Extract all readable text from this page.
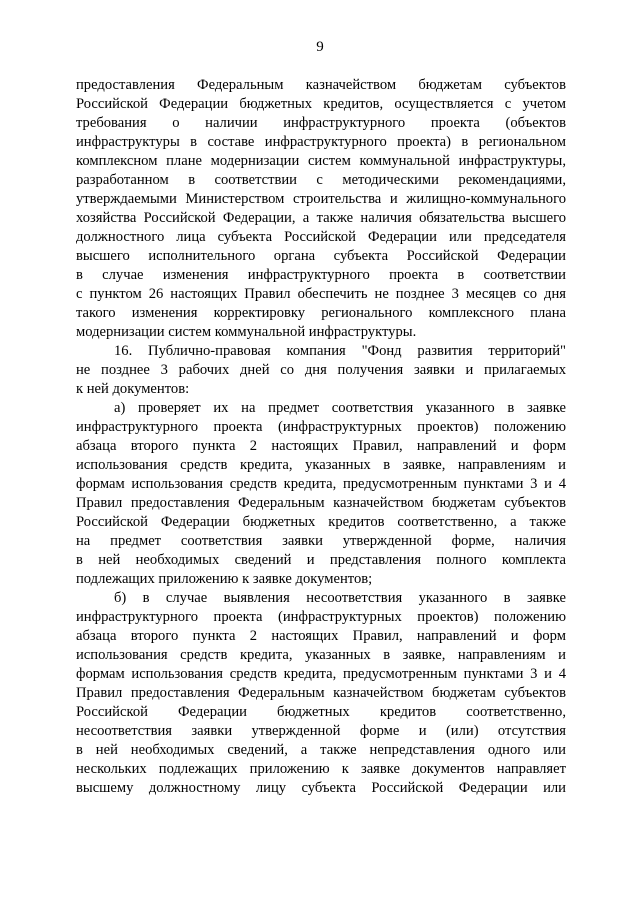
9
предоставления Федеральным казначейством бюджетам субъектов
Российской Федерации бюджетных кредитов, осуществляется с учетом
требования о наличии инфраструктурного проекта (объектов
инфраструктуры в составе инфраструктурного проекта) в региональном
комплексном плане модернизации систем коммунальной инфраструктуры,
разработанном в соответствии с методическими рекомендациями,
утверждаемыми Министерством строительства и жилищно-коммунального
хозяйства Российской Федерации, а также наличия обязательства высшего
должностного лица субъекта Российской Федерации или председателя
высшего исполнительного органа субъекта Российской Федерации
в случае изменения инфраструктурного проекта в соответствии
с пунктом 26 настоящих Правил обеспечить не позднее 3 месяцев со дня
такого изменения корректировку регионального комплексного плана
модернизации систем коммунальной инфраструктуры.
16. Публично-правовая компания "Фонд развития территорий"
не позднее 3 рабочих дней со дня получения заявки и прилагаемых
к ней документов:
а) проверяет их на предмет соответствия указанного в заявке
инфраструктурного проекта (инфраструктурных проектов) положению
абзаца второго пункта 2 настоящих Правил, направлений и форм
использования средств кредита, указанных в заявке, направлениям и
формам использования средств кредита, предусмотренным пунктами 3 и 4
Правил предоставления Федеральным казначейством бюджетам субъектов
Российской Федерации бюджетных кредитов соответственно, а также
на предмет соответствия заявки утвержденной форме, наличия
в ней необходимых сведений и представления полного комплекта
подлежащих приложению к заявке документов;
б) в случае выявления несоответствия указанного в заявке
инфраструктурного проекта (инфраструктурных проектов) положению
абзаца второго пункта 2 настоящих Правил, направлений и форм
использования средств кредита, указанных в заявке, направлениям и
формам использования средств кредита, предусмотренным пунктами 3 и 4
Правил предоставления Федеральным казначейством бюджетам субъектов
Российской Федерации бюджетных кредитов соответственно,
несоответствия заявки утвержденной форме и (или) отсутствия
в ней необходимых сведений, а также непредставления одного или
нескольких подлежащих приложению к заявке документов направляет
высшему должностному лицу субъекта Российской Федерации или
